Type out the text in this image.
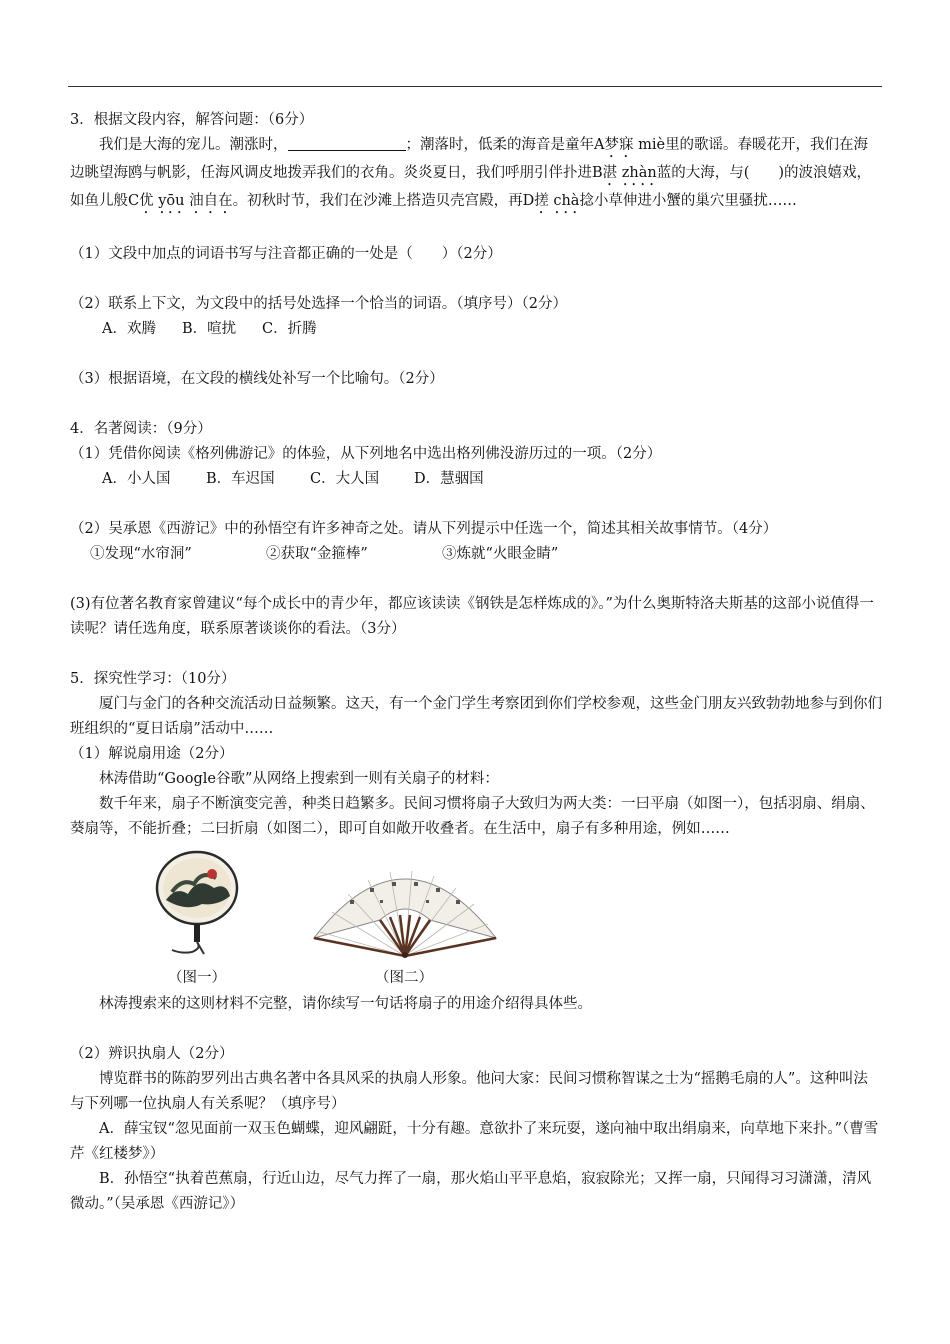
3．根据文段内容，解答问题：（6分）

我们是大海的宠儿。潮涨时，	；潮落时，低柔的海音是童年A梦寐 miè里的歌谣。春暖花开，我们在海边眺望海鸥与帆影，任海风调皮地拨弄我们的衣角。炎炎夏日，我们呼朋引伴扑进B湛 zhàn蓝的大海，与(　　)的波浪嬉戏，如鱼儿般C优 yōu 油自在。初秋时节，我们在沙滩上搭造贝壳宫殿，再D搓 chà捻小草伸进小蟹的巢穴里骚扰……

（1）文段中加点的词语书写与注音都正确的一处是（　　）（2分）

（2）联系上下文，为文段中的括号处选择一个恰当的词语。（填序号）（2分）

A．欢腾 B．喧扰 C．折腾

（3）根据语境，在文段的横线处补写一个比喻句。（2分）

4．名著阅读：（9分）

（1）凭借你阅读《格列佛游记》的体验，从下列地名中选出格列佛没游历过的一项。（2分）

A．小人国 B．车迟国 C．大人国 D．慧骃国

（2）吴承恩《西游记》中的孙悟空有许多神奇之处。请从下列提示中任选一个，简述其相关故事情节。（4分）

①发现“水帘洞”	②获取“金箍棒”	③炼就“火眼金睛”

(3)有位著名教育家曾建议“每个成长中的青少年，都应该读读《钢铁是怎样炼成的》。”为什么奥斯特洛夫斯基的这部小说值得一读呢？请任选角度，联系原著谈谈你的看法。（3分）

5．探究性学习：（10分）

厦门与金门的各种交流活动日益频繁。这天，有一个金门学生考察团到你们学校参观，这些金门朋友兴致勃勃地参与到你们班组织的“夏日话扇”活动中……

（1）解说扇用途（2分）

林涛借助“Google谷歌”从网络上搜索到一则有关扇子的材料：

数千年来，扇子不断演变完善，种类日趋繁多。民间习惯将扇子大致归为两大类：一曰平扇（如图一），包括羽扇、绢扇、葵扇等，不能折叠；二曰折扇（如图二），即可自如敞开收叠者。在生活中，扇子有多种用途，例如……

（图一）	（图二）

林涛搜索来的这则材料不完整，请你续写一句话将扇子的用途介绍得具体些。

（2）辨识执扇人（2分）

博览群书的陈韵罗列出古典名著中各具风采的执扇人形象。他问大家：民间习惯称智谋之士为“摇鹅毛扇的人”。这种叫法与下列哪一位执扇人有关系呢？（填序号）

A．薛宝钗“忽见面前一双玉色蝴蝶，迎风翩跹，十分有趣。意欲扑了来玩耍，遂向袖中取出绢扇来，向草地下来扑。”（曹雪芹《红楼梦》）

B．孙悟空“执着芭蕉扇，行近山边，尽气力挥了一扇，那火焰山平平息焰，寂寂除光；又挥一扇，只闻得习习潇潇，清风微动。”（吴承恩《西游记》）
